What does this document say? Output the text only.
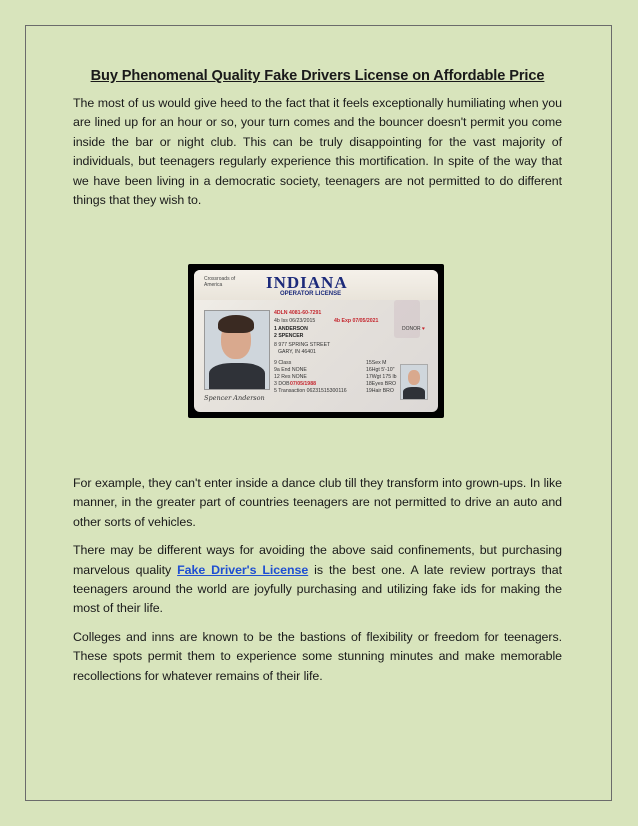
Buy Phenomenal Quality Fake Drivers License on Affordable Price

The most of us would give heed to the fact that it feels exceptionally humiliating when you are lined up for an hour or so, your turn comes and the bouncer doesn't permit you come inside the bar or night club. This can be truly disappointing for the vast majority of individuals, but teenagers regularly experience this mortification. In spite of the way that we have been living in a democratic society, teenagers are not permitted to do different things that they wish to.

Crossroads of America	INDIANA
OPERATOR LICENSE
DONOR ♥
4DLN 4081-60-7291
4b Iss 06/23/2015	4b Exp 07/05/2021
1 ANDERSON
2 SPENCER
8 977 SPRING STREET
GARY, IN 46401
9 Class
9a End NONE
12 Res NONE
3 DOB 07/05/1988
5 Transaction 06231515300116
15Sex M
16Hgt 5'-10"
17Wgt 175 lb
18Eyes BRO
19Hair BRO
Spencer Anderson

For example, they can't enter inside a dance club till they transform into grown-ups. In like manner, in the greater part of countries teenagers are not permitted to drive an auto and other sorts of vehicles.

There may be different ways for avoiding the above said confinements, but purchasing marvelous quality Fake Driver's License is the best one. A late review portrays that teenagers around the world are joyfully purchasing and utilizing fake ids for making the most of their life.

Colleges and inns are known to be the bastions of flexibility or freedom for teenagers. These spots permit them to experience some stunning minutes and make memorable recollections for whatever remains of their life.
